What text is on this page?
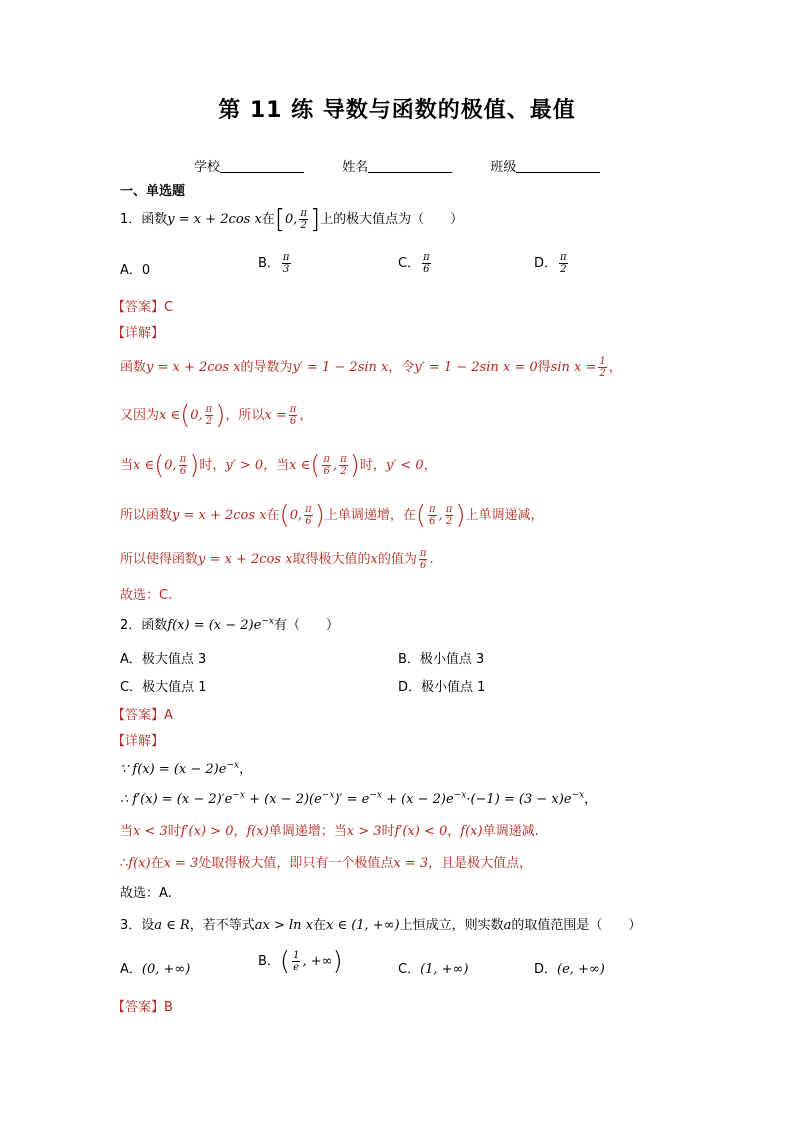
第 11 练 导数与函数的极值、最值
学校	姓名	班级
一、单选题
1．函数y = x + 2cos x在[0, $\frac{\pi}{2}$ ]上的极大值点为（　　）
A．0	B． $\frac{\pi}{3}$	C． $\frac{\pi}{6}$	D． $\frac{\pi}{2}$
【答案】C
【详解】
函数y = x + 2cos x的导数为y′ = 1 − 2sin x，令y′ = 1 − 2sin x = 0得$\sin x = \frac{1}{2}$ ，
又因为x ∈(0, $\frac{\pi}{2}$ )，所以$x = \frac{\pi}{6}$ ，
当x ∈(0, $\frac{\pi}{6}$ )时，y′ > 0，当x ∈( $\frac{\pi}{6}$ , $\frac{\pi}{2}$ )时，y′ < 0，
所以函数y = x + 2cos x在(0, $\frac{\pi}{6}$ )上单调递增，在( $\frac{\pi}{6}$ , $\frac{\pi}{2}$ )上单调递减，
所以使得函数y = x + 2cos x取得极大值的x的值为 $\frac{\pi}{6}$ .
故选：C.
2．函数$f(x) = (x - 2)e^{-x}$有（　　）
A．极大值点 3	B．极小值点 3
C．极大值点 1	D．极小值点 1
【答案】A
【详解】
∵ $f(x) = (x - 2)e^{-x}$，
∴ $f'(x) = (x - 2)'e^{-x} + (x - 2)(e^{-x})' = e^{-x} + (x - 2)e^{-x}\cdot(-1) = (3 - x)e^{-x}$，
当x < 3时f′(x) > 0，f(x)单调递增；当x > 3时f′(x) < 0，f(x)单调递减.
∴f(x)在x = 3处取得极大值，即只有一个极值点x = 3，且是极大值点，
故选：A.
3．设a ∈ R，若不等式ax > ln x在x ∈ (1, +∞)上恒成立，则实数a的取值范围是（　　）
A．(0, +∞)
B．( $\frac{1}{e}$ , +∞)	C．(1, +∞)	D．(e, +∞)
【答案】B
